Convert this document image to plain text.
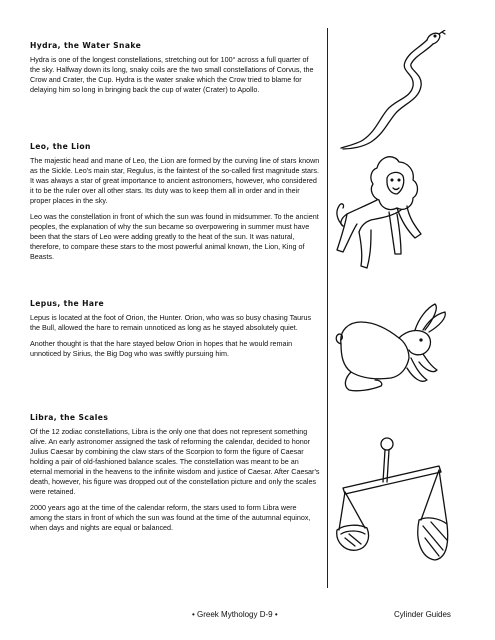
Hydra, the Water Snake

Hydra is one of the longest constellations, stretching out for 100° across a full quarter of the sky. Halfway down its long, snaky coils are the two small constellations of Corvus, the Crow and Crater, the Cup. Hydra is the water snake which the Crow tried to blame for delaying him so long in bringing back the cup of water (Crater) to Apollo.

Leo, the Lion

The majestic head and mane of Leo, the Lion are formed by the curving line of stars known as the Sickle. Leo's main star, Regulus, is the faintest of the so-called first magnitude stars. It was always a star of great importance to ancient astronomers, however, who considered it to be the ruler over all other stars. Its duty was to keep them all in order and in their proper places in the sky.

Leo was the constellation in front of which the sun was found in midsummer. To the ancient peoples, the explanation of why the sun became so overpowering in summer must have been that the stars of Leo were adding greatly to the heat of the sun. It was natural, therefore, to compare these stars to the most powerful animal known, the Lion, King of Beasts.

Lepus, the Hare

Lepus is located at the foot of Orion, the Hunter. Orion, who was so busy chasing Taurus the Bull, allowed the hare to remain unnoticed as long as he stayed absolutely quiet.

Another thought is that the hare stayed below Orion in hopes that he would remain unnoticed by Sirius, the Big Dog who was swiftly pursuing him.

Libra, the Scales

Of the 12 zodiac constellations, Libra is the only one that does not represent something alive. An early astronomer assigned the task of reforming the calendar, decided to honor Julius Caesar by combining the claw stars of the Scorpion to form the figure of Caesar holding a pair of old-fashioned balance scales. The constellation was meant to be an eternal memorial in the heavens to the infinite wisdom and justice of Caesar. After Caesar's death, however, his figure was dropped out of the constellation picture and only the scales were retained.

2000 years ago at the time of the calendar reform, the stars used to form Libra were among the stars in front of which the sun was found at the time of the autumnal equinox, when days and nights are equal or balanced.

• Greek Mythology D-9 •	Cylinder Guides
